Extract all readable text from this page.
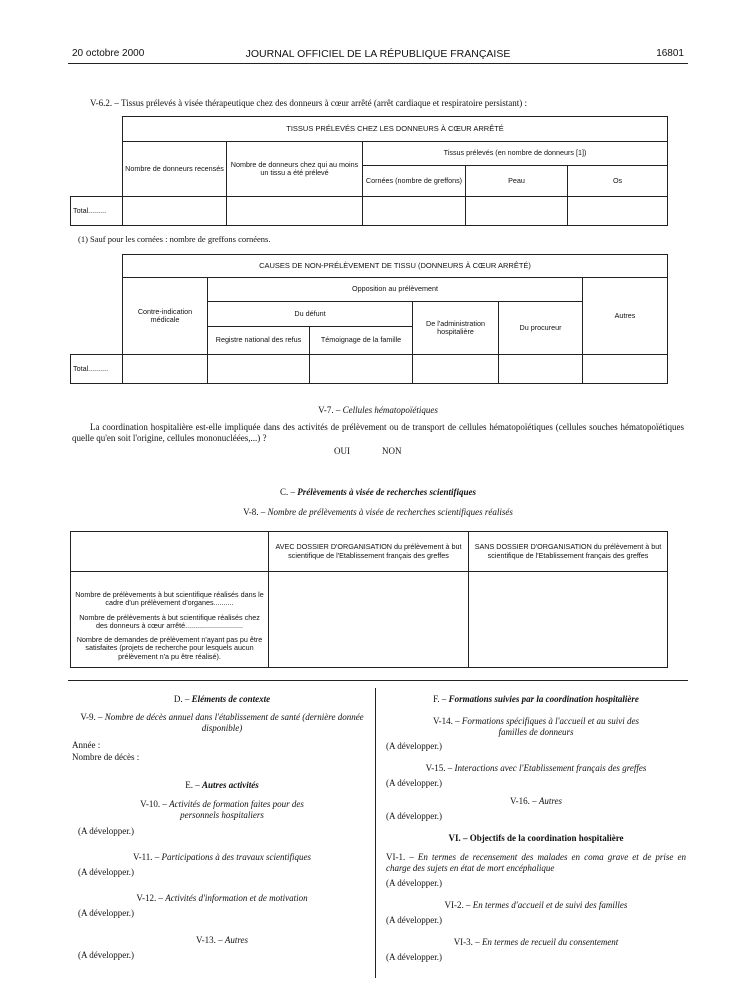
20 octobre 2000	JOURNAL OFFICIEL DE LA RÉPUBLIQUE FRANÇAISE	16801
V-6.2. – Tissus prélevés à visée thérapeutique chez des donneurs à cœur arrêté (arrêt cardiaque et respiratoire persistant) :
	TISSUS PRÉLEVÉS CHEZ LES DONNEURS À CŒUR ARRÊTÉ				
	Nombre de donneurs recensés	Nombre de donneurs chez qui au moins un tissu a été prélevé	Tissus prélevés (en nombre de donneurs [1])		
			Cornées (nombre de greffons)	Peau	Os
Total.........					
(1) Sauf pour les cornées : nombre de greffons cornéens.
	CAUSES DE NON-PRÉLÈVEMENT DE TISSU (DONNEURS À CŒUR ARRÊTÉ)					
	Contre-indication médicale	Opposition au prélèvement				Autres
		Du défunt		De l'administration hospitalière	Du procureur	
		Registre national des refus	Témoignage de la famille			
Total..........						
V-7. – Cellules hématopoïétiques
La coordination hospitalière est-elle impliquée dans des activités de prélèvement ou de transport de cellules hématopoïétiques (cellules souches hématopoïétiques quelle qu'en soit l'origine, cellules mononucléées,...) ?
OUI	NON
C. – Prélèvements à visée de recherches scientifiques
V-8. – Nombre de prélèvements à visée de recherches scientifiques réalisés
	AVEC DOSSIER D'ORGANISATION du prélèvement à but scientifique de l'Etablissement français des greffes	SANS DOSSIER D'ORGANISATION du prélèvement à but scientifique de l'Etablissement français des greffes

Nombre de prélèvements à but scientifique réalisés dans le cadre d'un prélèvement d'organes..........
Nombre de prélèvements à but scientifique réalisés chez des donneurs à cœur arrêté.............................
Nombre de demandes de prélèvement n'ayant pas pu être satisfaites (projets de recherche pour lesquels aucun prélèvement n'a pu être réalisé).		

D. – Eléments de contexte
V-9. – Nombre de décès annuel dans l'établissement de santé (dernière donnée disponible)
Année :
Nombre de décès :
E. – Autres activités
V-10. – Activités de formation faites pour des personnels hospitaliers
(A développer.)
V-11. – Participations à des travaux scientifiques
(A développer.)
V-12. – Activités d'information et de motivation
(A développer.)
V-13. – Autres
(A développer.)
F. – Formations suivies par la coordination hospitalière
V-14. – Formations spécifiques à l'accueil et au suivi des familles de donneurs
(A développer.)
V-15. – Interactions avec l'Etablissement français des greffes
(A développer.)
V-16. – Autres
(A développer.)
VI. – Objectifs de la coordination hospitalière
VI-1. – En termes de recensement des malades en coma grave et de prise en charge des sujets en état de mort encéphalique
(A développer.)
VI-2. – En termes d'accueil et de suivi des familles
(A développer.)
VI-3. – En termes de recueil du consentement
(A développer.)
